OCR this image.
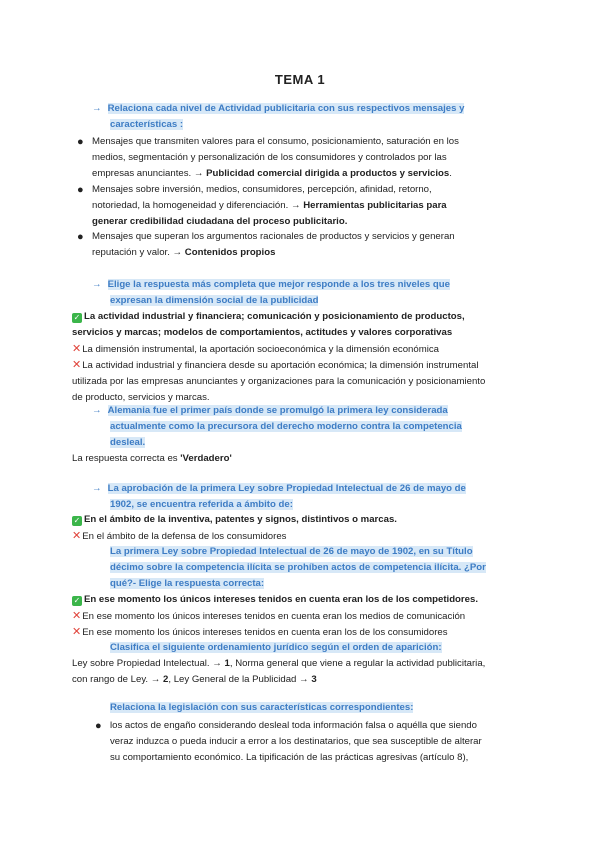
TEMA 1
→ Relaciona cada nivel de Actividad publicitaria con sus respectivos mensajes y
características :
● Mensajes que transmiten valores para el consumo, posicionamiento, saturación en los
medios, segmentación y personalización de los consumidores y controlados por las
empresas anunciantes. → Publicidad comercial dirigida a productos y servicios.
● Mensajes sobre inversión, medios, consumidores, percepción, afinidad, retorno,
notoriedad, la homogeneidad y diferenciación. → Herramientas publicitarias para
generar credibilidad ciudadana del proceso publicitario.
● Mensajes que superan los argumentos racionales de productos y servicios y generan
reputación y valor. → Contenidos propios
→ Elige la respuesta más completa que mejor responde a los tres niveles que
expresan la dimensión social de la publicidad
✓ La actividad industrial y financiera; comunicación y posicionamiento de productos,
servicios y marcas; modelos de comportamientos, actitudes y valores corporativas
✕La dimensión instrumental, la aportación socioeconómica y la dimensión económica
✕La actividad industrial y financiera desde su aportación económica; la dimensión instrumental
utilizada por las empresas anunciantes y organizaciones para la comunicación y posicionamiento
de producto, servicios y marcas.
→ Alemania fue el primer país donde se promulgó la primera ley considerada
actualmente como la precursora del derecho moderno contra la competencia
desleal.
La respuesta correcta es 'Verdadero'
→ La aprobación de la primera Ley sobre Propiedad Intelectual de 26 de mayo de
1902, se encuentra referida a ámbito de:
✓ En el ámbito de la inventiva, patentes y signos, distintivos o marcas.
✕En el ámbito de la defensa de los consumidores
La primera Ley sobre Propiedad Intelectual de 26 de mayo de 1902, en su Título
décimo sobre la competencia ilícita se prohíben actos de competencia ilícita. ¿Por
qué?- Elige la respuesta correcta:
✓ En ese momento los únicos intereses tenidos en cuenta eran los de los competidores.
✕En ese momento los únicos intereses tenidos en cuenta eran los medios de comunicación
✕En ese momento los únicos intereses tenidos en cuenta eran los de los consumidores
Clasifica el siguiente ordenamiento jurídico según el orden de aparición:
Ley sobre Propiedad Intelectual. → 1, Norma general que viene a regular la actividad publicitaria,
con rango de Ley. → 2, Ley General de la Publicidad → 3
Relaciona la legislación con sus características correspondientes:
● los actos de engaño considerando desleal toda información falsa o aquélla que siendo
veraz induzca o pueda inducir a error a los destinatarios, que sea susceptible de alterar
su comportamiento económico. La tipificación de las prácticas agresivas (artículo 8),
